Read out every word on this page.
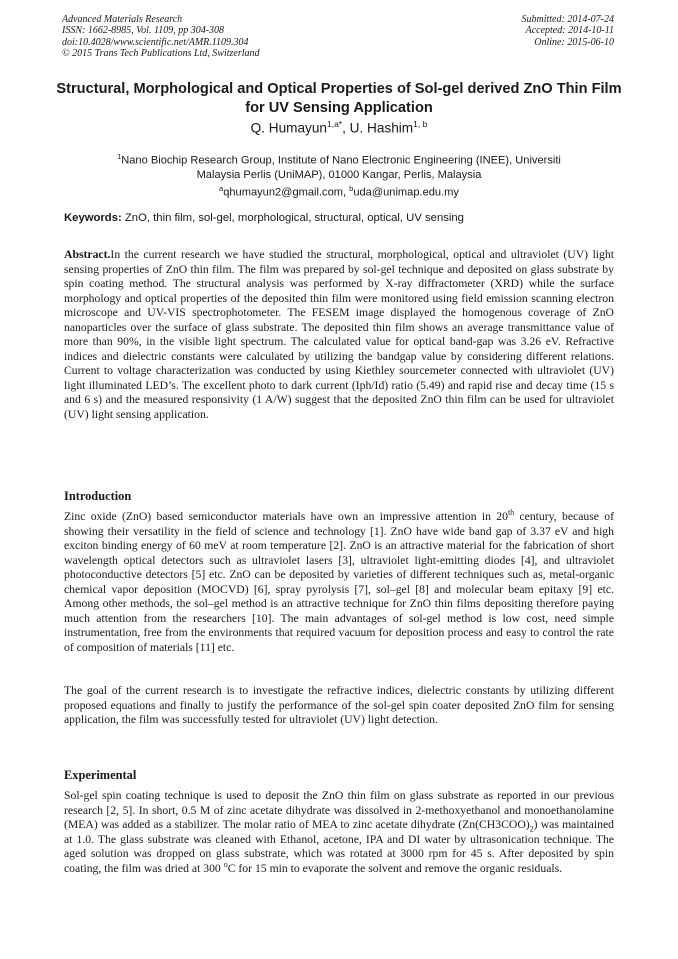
Advanced Materials Research
ISSN: 1662-8985, Vol. 1109, pp 304-308
doi:10.4028/www.scientific.net/AMR.1109.304
© 2015 Trans Tech Publications Ltd, Switzerland
Submitted: 2014-07-24
Accepted: 2014-10-11
Online: 2015-06-10
Structural, Morphological and Optical Properties of Sol-gel derived ZnO Thin Film for UV Sensing Application
Q. Humayun$^{1,a*}$, U. Hashim$^{1, b}$
$^1$Nano Biochip Research Group, Institute of Nano Electronic Engineering (INEE), Universiti
Malaysia Perlis (UniMAP), 01000 Kangar, Perlis, Malaysia
$^a$qhumayun2@gmail.com, $^b$uda@unimap.edu.my
Keywords: ZnO, thin film, sol-gel, morphological, structural, optical, UV sensing

Abstract.In the current research we have studied the structural, morphological, optical and ultraviolet (UV) light sensing properties of ZnO thin film. The film was prepared by sol-gel technique and deposited on glass substrate by spin coating method. The structural analysis was performed by X-ray diffractometer (XRD) while the surface morphology and optical properties of the deposited thin film were monitored using field emission scanning electron microscope and UV-VIS spectrophotometer. The FESEM image displayed the homogenous coverage of ZnO nanoparticles over the surface of glass substrate. The deposited thin film shows an average transmittance value of more than 90%, in the visible light spectrum. The calculated value for optical band-gap was 3.26 eV. Refractive indices and dielectric constants were calculated by utilizing the bandgap value by considering different relations. Current to voltage characterization was conducted by using Kiethley sourcemeter connected with ultraviolet (UV) light illuminated LED’s. The excellent photo to dark current (Iph/Id) ratio (5.49) and rapid rise and decay time (15 s and 6 s) and the measured responsivity (1 A/W) suggest that the deposited ZnO thin film can be used for ultraviolet (UV) light sensing application.

Introduction

Zinc oxide (ZnO) based semiconductor materials have own an impressive attention in 20th century, because of showing their versatility in the field of science and technology [1]. ZnO have wide band gap of 3.37 eV and high exciton binding energy of 60 meV at room temperature [2]. ZnO is an attractive material for the fabrication of short wavelength optical detectors such as ultraviolet lasers [3], ultraviolet light-emitting diodes [4], and ultraviolet photoconductive detectors [5] etc. ZnO can be deposited by varieties of different techniques such as, metal-organic chemical vapor deposition (MOCVD) [6], spray pyrolysis [7], sol–gel [8] and molecular beam epitaxy [9] etc. Among other methods, the sol–gel method is an attractive technique for ZnO thin films depositing therefore paying much attention from the researchers [10]. The main advantages of sol-gel method is low cost, need simple instrumentation, free from the environments that required vacuum for deposition process and easy to control the rate of composition of materials [11] etc.

The goal of the current research is to investigate the refractive indices, dielectric constants by utilizing different proposed equations and finally to justify the performance of the sol-gel spin coater deposited ZnO film for sensing application, the film was successfully tested for ultraviolet (UV) light detection.

Experimental

Sol-gel spin coating technique is used to deposit the ZnO thin film on glass substrate as reported in our previous research [2, 5]. In short, 0.5 M of zinc acetate dihydrate was dissolved in 2-methoxyethanol and monoethanolamine (MEA) was added as a stabilizer. The molar ratio of MEA to zinc acetate dihydrate $(Zn(CH3COO)_2)$ was maintained at 1.0. The glass substrate was cleaned with Ethanol, acetone, IPA and DI water by ultrasonication technique. The aged solution was dropped on glass substrate, which was rotated at 3000 rpm for 45 s. After deposited by spin coating, the film was dried at 300 $^o$C for 15 min to evaporate the solvent and remove the organic residuals.
